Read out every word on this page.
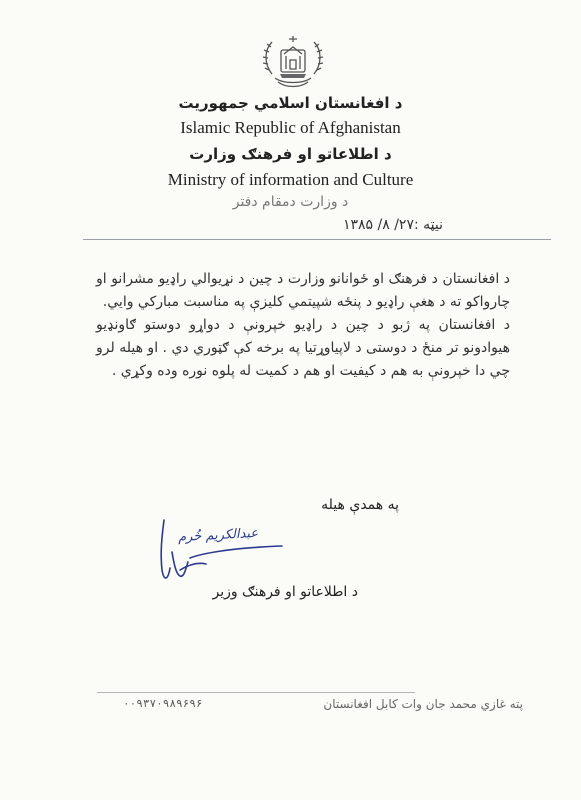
د افغانستان اسلامي جمهوريت
Islamic Republic of Afghanistan
د اطلاعاتو او فرهنګ وزارت
Ministry of information and Culture
د وزارت دمقام دفتر
نیټه :۲۷/ ۸/ ۱۳۸۵

د افغانستان د فرهنګ او ځوانانو وزارت د چين د نړيوالي راډيو مشرانو او چارواکو ته د هغې راډيو د پنځه شپيتمي کليزې په مناسبت مبارکي وايي.

د افغانستان په ژبو د چين د راډيو خپرونې د دواړو دوستو ګاونډيو هيوادونو تر منځ د دوستی د لاپياوړتيا په برخه کې ګټوري دي . او هيله لرو چي دا خپرونې به هم د کيفيت او هم د کميت له پلوه نوره وده وکړي .

په همدې هيله
عبدالکريم خُرم
د اطلاعاتو او فرهنګ وزير
پته غازي محمد جان وات کابل افغانستان
۰۰۹۳۷۰۹۸۹۶۹۶
